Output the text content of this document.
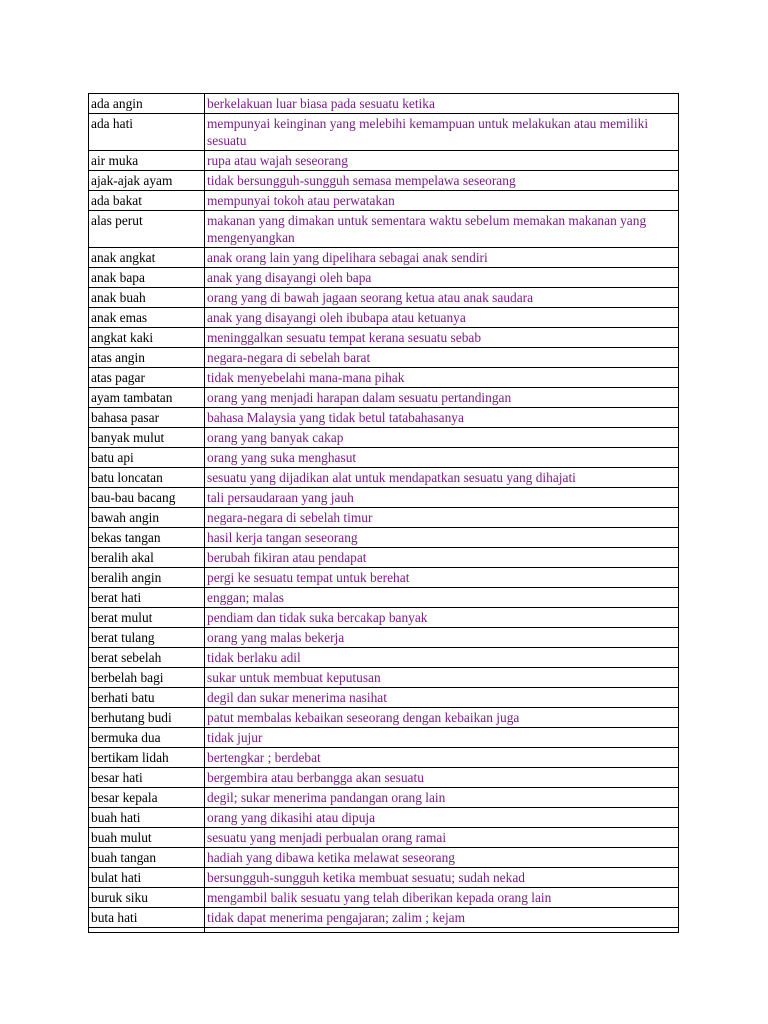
ada angin	berkelakuan luar biasa pada sesuatu ketika
ada hati	mempunyai keinginan yang melebihi kemampuan untuk melakukan atau memiliki sesuatu
air muka	rupa atau wajah seseorang
ajak-ajak ayam	tidak bersungguh-sungguh semasa mempelawa seseorang
ada bakat	mempunyai tokoh atau perwatakan
alas perut	makanan yang dimakan untuk sementara waktu sebelum memakan makanan yang mengenyangkan
anak angkat	anak orang lain yang dipelihara sebagai anak sendiri
anak bapa	anak yang disayangi oleh bapa
anak buah	orang yang di bawah jagaan seorang ketua atau anak saudara
anak emas	anak yang disayangi oleh ibubapa atau ketuanya
angkat kaki	meninggalkan sesuatu tempat kerana sesuatu sebab
atas angin	negara-negara di sebelah barat
atas pagar	tidak menyebelahi mana-mana pihak
ayam tambatan	orang yang menjadi harapan dalam sesuatu pertandingan
bahasa pasar	bahasa Malaysia yang tidak betul tatabahasanya
banyak mulut	orang yang banyak cakap
batu api	orang yang suka menghasut
batu loncatan	sesuatu yang dijadikan alat untuk mendapatkan sesuatu yang dihajati
bau-bau bacang	tali persaudaraan yang jauh
bawah angin	negara-negara di sebelah timur
bekas tangan	hasil kerja tangan seseorang
beralih akal	berubah fikiran atau pendapat
beralih angin	pergi ke sesuatu tempat untuk berehat
berat hati	enggan; malas
berat mulut	pendiam dan tidak suka bercakap banyak
berat tulang	orang yang malas bekerja
berat sebelah	tidak berlaku adil
berbelah bagi	sukar untuk membuat keputusan
berhati batu	degil dan sukar menerima nasihat
berhutang budi	patut membalas kebaikan seseorang dengan kebaikan juga
bermuka dua	tidak jujur
bertikam lidah	bertengkar ; berdebat
besar hati	bergembira atau berbangga akan sesuatu
besar kepala	degil; sukar menerima pandangan orang lain
buah hati	orang yang dikasihi atau dipuja
buah mulut	sesuatu yang menjadi perbualan orang ramai
buah tangan	hadiah yang dibawa ketika melawat seseorang
bulat hati	bersungguh-sungguh ketika membuat sesuatu; sudah nekad
buruk siku	mengambil balik sesuatu yang telah diberikan kepada orang lain
buta hati	tidak dapat menerima pengajaran; zalim ; kejam
